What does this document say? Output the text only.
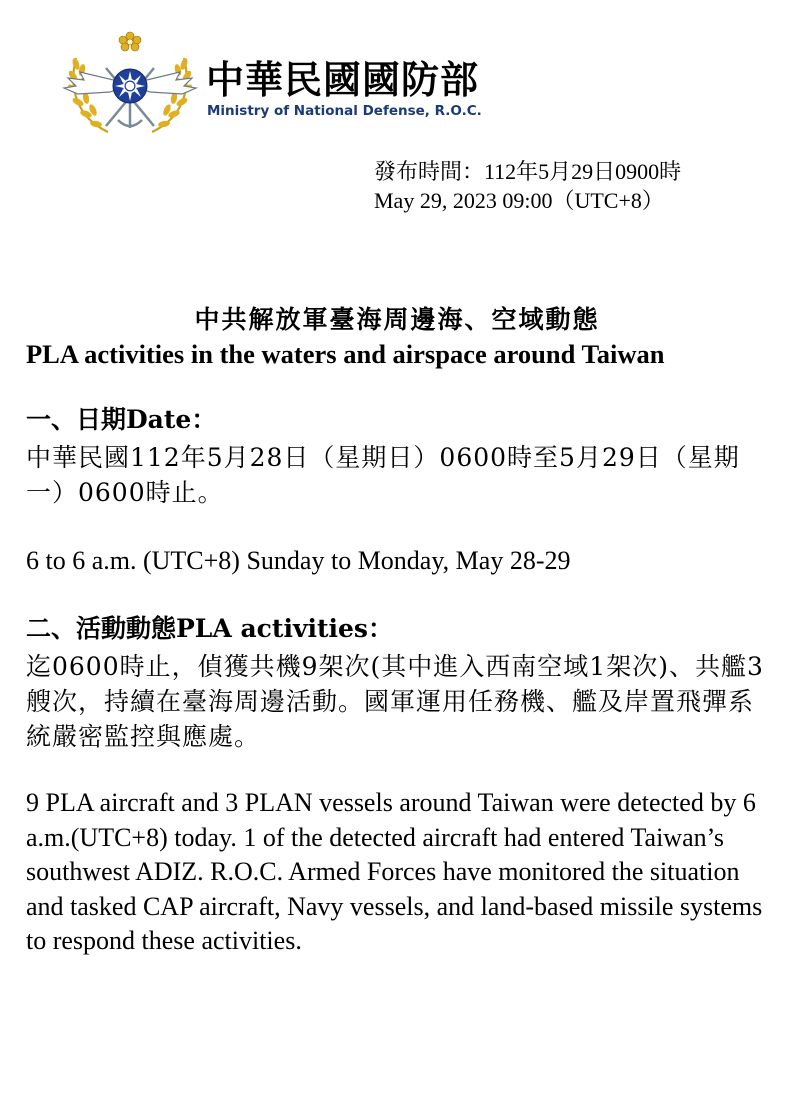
中華民國國防部
Ministry of National Defense, R.O.C.
發布時間：112年5月29日0900時
May 29, 2023 09:00（UTC+8）
中共解放軍臺海周邊海、空域動態
PLA activities in the waters and airspace around Taiwan
一、日期Date：
中華民國112年5月28日（星期日）0600時至5月29日（星期一）0600時止。
6 to 6 a.m. (UTC+8) Sunday to Monday, May 28-29
二、活動動態PLA activities：
迄0600時止，偵獲共機9架次(其中進入西南空域1架次)、共艦3艘次，持續在臺海周邊活動。國軍運用任務機、艦及岸置飛彈系統嚴密監控與應處。
9 PLA aircraft and 3 PLAN vessels around Taiwan were detected by 6 a.m.(UTC+8) today. 1 of the detected aircraft had entered Taiwan’s southwest ADIZ. R.O.C. Armed Forces have monitored the situation and tasked CAP aircraft, Navy vessels, and land-based missile systems to respond these activities.
